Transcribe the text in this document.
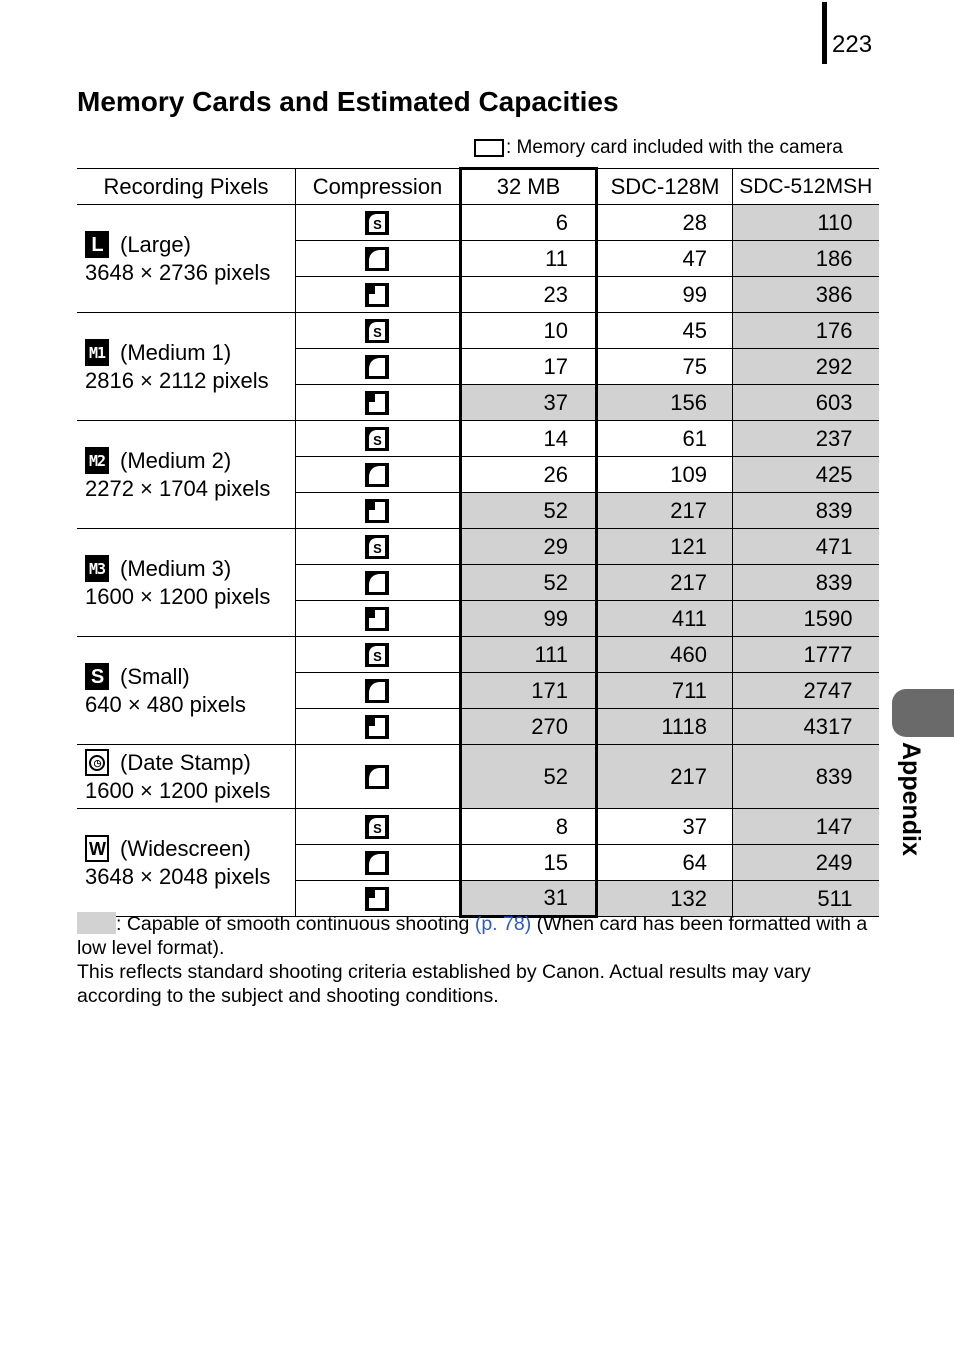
223
Memory Cards and Estimated Capacities
: Memory card included with the camera
Recording Pixels	Compression	32 MB	SDC-128M	SDC-512MSH

L (Large)
3648 × 2736 pixels	S	6	28	110
	11	47	186
	23	99	386

M1 (Medium 1)
2816 × 2112 pixels	S	10	45	176
	17	75	292
	37	156	603

M2 (Medium 2)
2272 × 1704 pixels	S	14	61	237
	26	109	425
	52	217	839

M3 (Medium 3)
1600 × 1200 pixels	S	29	121	471
	52	217	839
	99	411	1590

S (Small)
640 × 480 pixels	S	111	460	1777
	171	711	2747
	270	1118	4317

◷ (Date Stamp)
1600 × 1200 pixels		52	217	839

W (Widescreen)
3648 × 2048 pixels	S	8	37	147
	15	64	249
	31	132	511
: Capable of smooth continuous shooting (p. 78) (When card has been formatted with a low level format).
This reflects standard shooting criteria established by Canon. Actual results may vary according to the subject and shooting conditions.
Appendix
